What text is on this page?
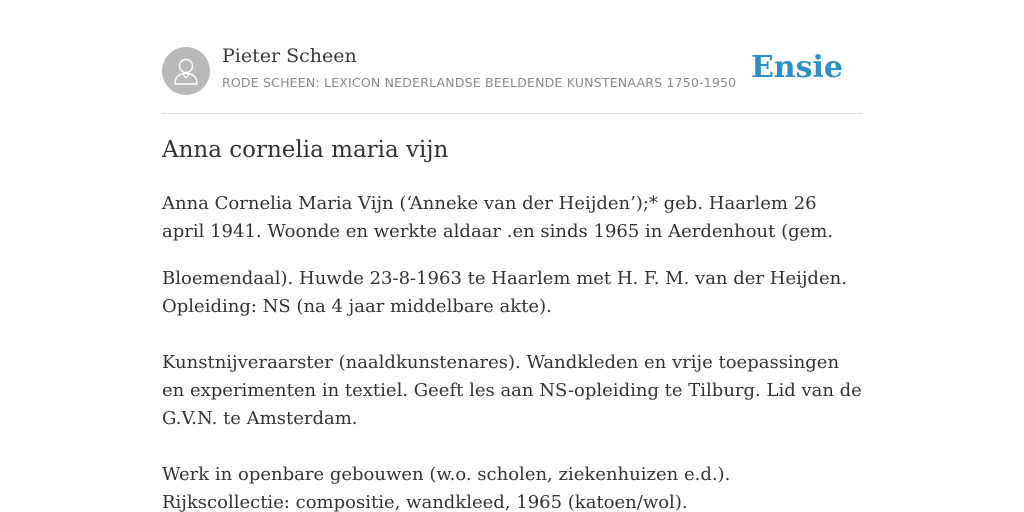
Pieter Scheen
RODE SCHEEN: LEXICON NEDERLANDSE BEELDENDE KUNSTENAARS 1750-1950 Ensie
Anna cornelia maria vijn

Anna Cornelia Maria Vijn (‘Anneke van der Heijden’);* geb. Haarlem 26 april 1941. Woonde en werkte aldaar .en sinds 1965 in Aerdenhout (gem.

Bloemendaal). Huwde 23-8-1963 te Haarlem met H. F. M. van der Heijden. Opleiding: NS (na 4 jaar middelbare akte).

Kunstnijveraarster (naaldkunstenares). Wandkleden en vrije toepassingen en experimenten in textiel. Geeft les aan NS-opleiding te Tilburg. Lid van de G.V.N. te Amsterdam.

Werk in openbare gebouwen (w.o. scholen, ziekenhuizen e.d.). Rijkscollectie: compositie, wandkleed, 1965 (katoen/wol).
